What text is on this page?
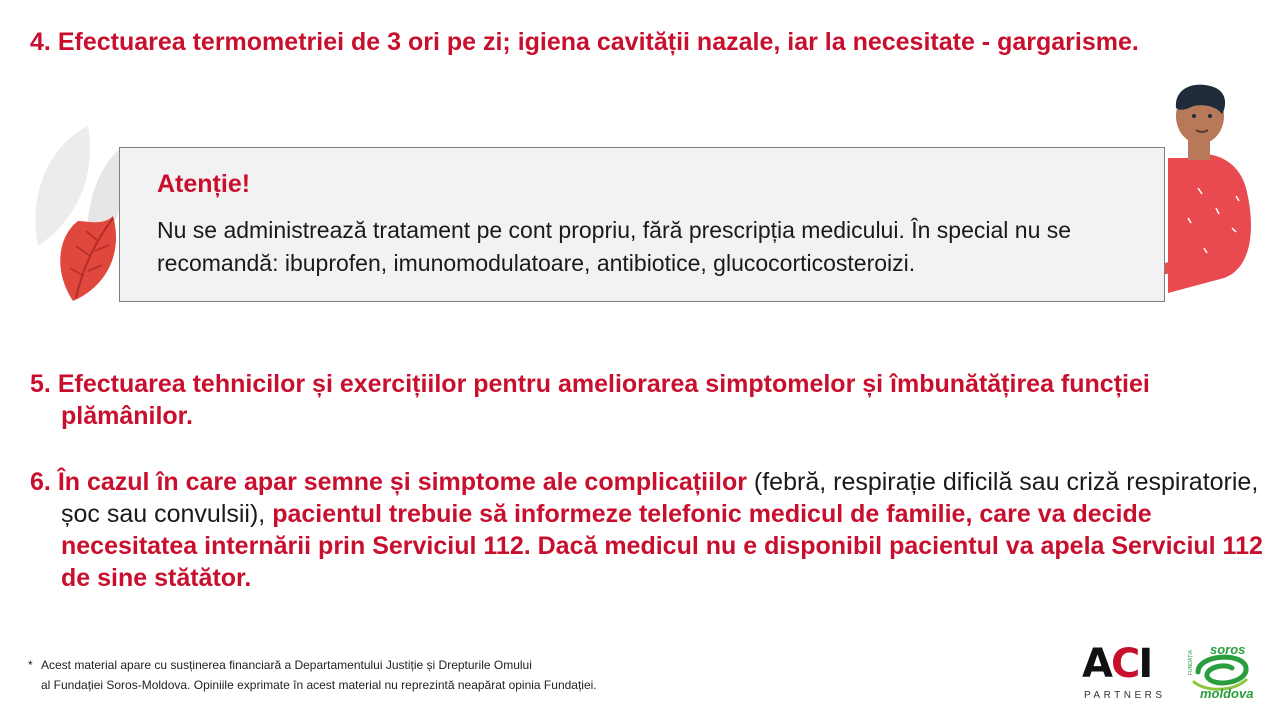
4. Efectuarea termometriei de 3 ori pe zi; igiena cavității nazale, iar la necesitate - gargarisme.

Atenție!

Nu se administrează tratament pe cont propriu, fără prescripția medicului. În special nu se recomandă: ibuprofen, imunomodulatoare, antibiotice, glucocorticosteroizi.

5. Efectuarea tehnicilor și exercițiilor pentru ameliorarea simptomelor și îmbunătățirea funcției plămânilor.

6. În cazul în care apar semne și simptome ale complicațiilor (febră, respirație dificilă sau criză respiratorie, șoc sau convulsii), pacientul trebuie să informeze telefonic medicul de familie, care va decide necesitatea internării prin Serviciul 112. Dacă medicul nu e disponibil pacientul va apela Serviciul 112 de sine stătător.

* Acest material apare cu susținerea financiară a Departamentului Justiție și Drepturile Omului
al Fundației Soros-Moldova. Opiniile exprimate în acest material nu reprezintă neapărat opinia Fundației.	ACI
PARTNERS
FUNDAȚIA
soros
moldova
